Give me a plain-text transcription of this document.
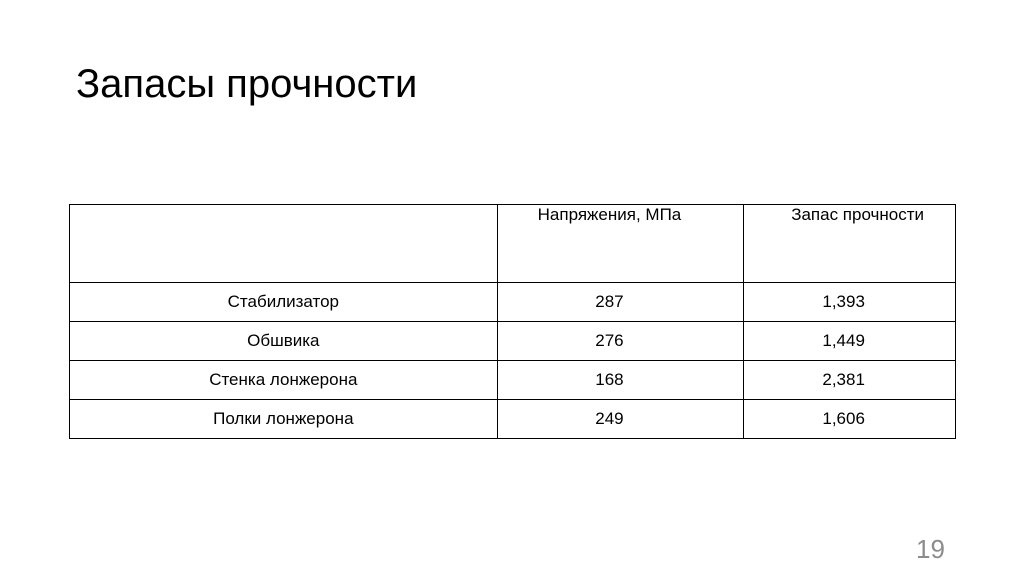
Запасы прочности
	Напряжения, МПа	Запас прочности
Стабилизатор	287	1,393
Обшвика	276	1,449
Стенка лонжерона	168	2,381
Полки лонжерона	249	1,606
19
